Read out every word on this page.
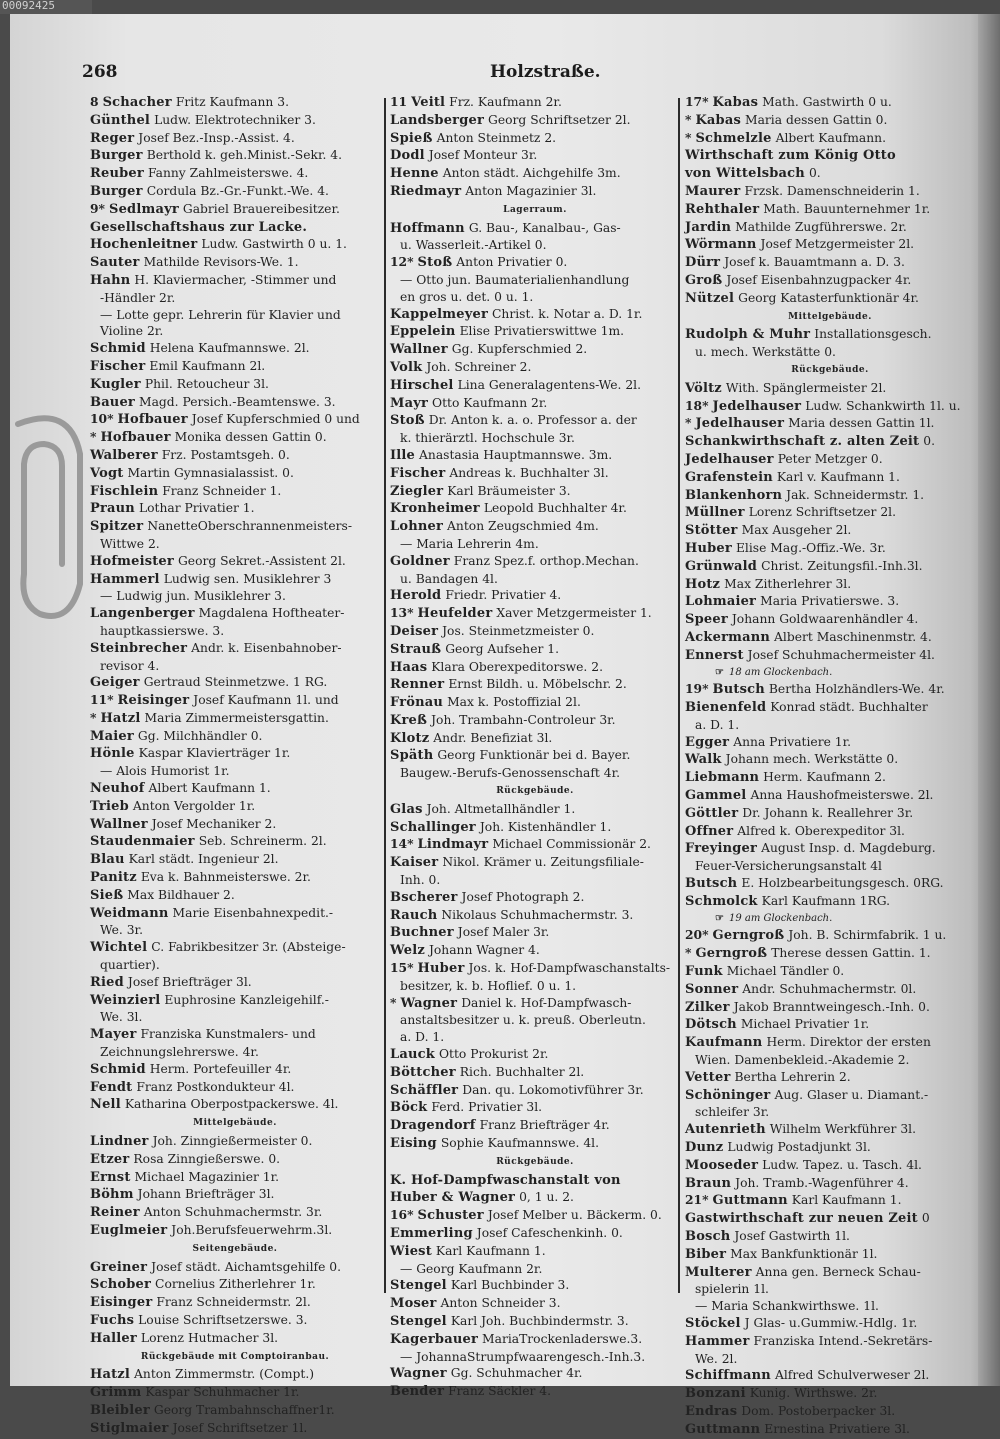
00092425
268	Holzstraße.
8 Schacher Fritz Kaufmann 3.
Günthel Ludw. Elektrotechniker 3.
Reger Josef Bez.-Insp.-Assist. 4.
Burger Berthold k. geh.Minist.-Sekr. 4.
Reuber Fanny Zahlmeisterswe. 4.
Burger Cordula Bz.-Gr.-Funkt.-We. 4.
9* Sedlmayr Gabriel Brauereibesitzer.
Gesellschaftshaus zur Lacke.
Hochenleitner Ludw. Gastwirth 0 u. 1.
Sauter Mathilde Revisors-We. 1.
Hahn H. Klaviermacher, -Stimmer und
-Händler 2r.
— Lotte gepr. Lehrerin für Klavier und
Violine 2r.
Schmid Helena Kaufmannswe. 2l.
Fischer Emil Kaufmann 2l.
Kugler Phil. Retoucheur 3l.
Bauer Magd. Persich.-Beamtenswe. 3.
10* Hofbauer Josef Kupferschmied 0 und
* Hofbauer Monika dessen Gattin 0.
Walberer Frz. Postamtsgeh. 0.
Vogt Martin Gymnasialassist. 0.
Fischlein Franz Schneider 1.
Praun Lothar Privatier 1.
Spitzer NanetteOberschrannenmeisters-
Wittwe 2.
Hofmeister Georg Sekret.-Assistent 2l.
Hammerl Ludwig sen. Musiklehrer 3
— Ludwig jun. Musiklehrer 3.
Langenberger Magdalena Hoftheater-
hauptkassierswe. 3.
Steinbrecher Andr. k. Eisenbahnober-
revisor 4.
Geiger Gertraud Steinmetzwe. 1 RG.
11* Reisinger Josef Kaufmann 1l. und
* Hatzl Maria Zimmermeistersgattin.
Maier Gg. Milchhändler 0.
Hönle Kaspar Klavierträger 1r.
— Alois Humorist 1r.
Neuhof Albert Kaufmann 1.
Trieb Anton Vergolder 1r.
Wallner Josef Mechaniker 2.
Staudenmaier Seb. Schreinerm. 2l.
Blau Karl städt. Ingenieur 2l.
Panitz Eva k. Bahnmeisterswe. 2r.
Sieß Max Bildhauer 2.
Weidmann Marie Eisenbahnexpedit.-
We. 3r.
Wichtel C. Fabrikbesitzer 3r. (Absteige-
quartier).
Ried Josef Briefträger 3l.
Weinzierl Euphrosine Kanzleigehilf.-
We. 3l.
Mayer Franziska Kunstmalers- und
Zeichnungslehrerswe. 4r.
Schmid Herm. Portefeuiller 4r.
Fendt Franz Postkondukteur 4l.
Nell Katharina Oberpostpackerswe. 4l.
Mittelgebäude.
Lindner Joh. Zinngießermeister 0.
Etzer Rosa Zinngießerswe. 0.
Ernst Michael Magazinier 1r.
Böhm Johann Briefträger 3l.
Reiner Anton Schuhmachermstr. 3r.
Euglmeier Joh.Berufsfeuerwehrm.3l.
Seitengebäude.
Greiner Josef städt. Aichamtsgehilfe 0.
Schober Cornelius Zitherlehrer 1r.
Eisinger Franz Schneidermstr. 2l.
Fuchs Louise Schriftsetzerswe. 3.
Haller Lorenz Hutmacher 3l.
Rückgebäude mit Comptoiranbau.
Hatzl Anton Zimmermstr. (Compt.)
Grimm Kaspar Schuhmacher 1r.
Bleibler Georg Trambahnschaffner1r.
Stiglmaier Josef Schriftsetzer 1l.
11 Veitl Frz. Kaufmann 2r.
Landsberger Georg Schriftsetzer 2l.
Spieß Anton Steinmetz 2.
Dodl Josef Monteur 3r.
Henne Anton städt. Aichgehilfe 3m.
Riedmayr Anton Magazinier 3l.
Lagerraum.
Hoffmann G. Bau-, Kanalbau-, Gas-
u. Wasserleit.-Artikel 0.
12* Stoß Anton Privatier 0.
— Otto jun. Baumaterialienhandlung
en gros u. det. 0 u. 1.
Kappelmeyer Christ. k. Notar a. D. 1r.
Eppelein Elise Privatierswittwe 1m.
Wallner Gg. Kupferschmied 2.
Volk Joh. Schreiner 2.
Hirschel Lina Generalagentens-We. 2l.
Mayr Otto Kaufmann 2r.
Stoß Dr. Anton k. a. o. Professor a. der
k. thierärztl. Hochschule 3r.
Ille Anastasia Hauptmannswe. 3m.
Fischer Andreas k. Buchhalter 3l.
Ziegler Karl Bräumeister 3.
Kronheimer Leopold Buchhalter 4r.
Lohner Anton Zeugschmied 4m.
— Maria Lehrerin 4m.
Goldner Franz Spez.f. orthop.Mechan.
u. Bandagen 4l.
Herold Friedr. Privatier 4.
13* Heufelder Xaver Metzgermeister 1.
Deiser Jos. Steinmetzmeister 0.
Strauß Georg Aufseher 1.
Haas Klara Oberexpeditorswe. 2.
Renner Ernst Bildh. u. Möbelschr. 2.
Frönau Max k. Postoffizial 2l.
Kreß Joh. Trambahn-Controleur 3r.
Klotz Andr. Benefiziat 3l.
Späth Georg Funktionär bei d. Bayer.
Baugew.-Berufs-Genossenschaft 4r.
Rückgebäude.
Glas Joh. Altmetallhändler 1.
Schallinger Joh. Kistenhändler 1.
14* Lindmayr Michael Commissionär 2.
Kaiser Nikol. Krämer u. Zeitungsfiliale-
Inh. 0.
Bscherer Josef Photograph 2.
Rauch Nikolaus Schuhmachermstr. 3.
Buchner Josef Maler 3r.
Welz Johann Wagner 4.
15* Huber Jos. k. Hof-Dampfwaschanstalts-
besitzer, k. b. Hoflief. 0 u. 1.
* Wagner Daniel k. Hof-Dampfwasch-
anstaltsbesitzer u. k. preuß. Oberleutn.
a. D. 1.
Lauck Otto Prokurist 2r.
Böttcher Rich. Buchhalter 2l.
Schäffler Dan. qu. Lokomotivführer 3r.
Böck Ferd. Privatier 3l.
Dragendorf Franz Briefträger 4r.
Eising Sophie Kaufmannswe. 4l.
Rückgebäude.
K. Hof-Dampfwaschanstalt von
Huber & Wagner 0, 1 u. 2.
16* Schuster Josef Melber u. Bäckerm. 0.
Emmerling Josef Cafeschenkinh. 0.
Wiest Karl Kaufmann 1.
— Georg Kaufmann 2r.
Stengel Karl Buchbinder 3.
Moser Anton Schneider 3.
Stengel Karl Joh. Buchbindermstr. 3.
Kagerbauer MariaTrockenladerswe.3.
— JohannaStrumpfwaarengesch.-Inh.3.
Wagner Gg. Schuhmacher 4r.
Bender Franz Säckler 4.
17* Kabas Math. Gastwirth 0 u.
* Kabas Maria dessen Gattin 0.
* Schmelzle Albert Kaufmann.
Wirthschaft zum König Otto
von Wittelsbach 0.
Maurer Frzsk. Damenschneiderin 1.
Rehthaler Math. Bauunternehmer 1r.
Jardin Mathilde Zugführerswe. 2r.
Wörmann Josef Metzgermeister 2l.
Dürr Josef k. Bauamtmann a. D. 3.
Groß Josef Eisenbahnzugpacker 4r.
Nützel Georg Katasterfunktionär 4r.
Mittelgebäude.
Rudolph & Muhr Installationsgesch.
u. mech. Werkstätte 0.
Rückgebäude.
Völtz With. Spänglermeister 2l.
18* Jedelhauser Ludw. Schankwirth 1l. u.
* Jedelhauser Maria dessen Gattin 1l.
Schankwirthschaft z. alten Zeit 0.
Jedelhauser Peter Metzger 0.
Grafenstein Karl v. Kaufmann 1.
Blankenhorn Jak. Schneidermstr. 1.
Müllner Lorenz Schriftsetzer 2l.
Stötter Max Ausgeher 2l.
Huber Elise Mag.-Offiz.-We. 3r.
Grünwald Christ. Zeitungsfil.-Inh.3l.
Hotz Max Zitherlehrer 3l.
Lohmaier Maria Privatierswe. 3.
Speer Johann Goldwaarenhändler 4.
Ackermann Albert Maschinenmstr. 4.
Ennerst Josef Schuhmachermeister 4l.
☞ 18 am Glockenbach.
19* Butsch Bertha Holzhändlers-We. 4r.
Bienenfeld Konrad städt. Buchhalter
a. D. 1.
Egger Anna Privatiere 1r.
Walk Johann mech. Werkstätte 0.
Liebmann Herm. Kaufmann 2.
Gammel Anna Haushofmeisterswe. 2l.
Göttler Dr. Johann k. Reallehrer 3r.
Offner Alfred k. Oberexpeditor 3l.
Freyinger August Insp. d. Magdeburg.
Feuer-Versicherungsanstalt 4l
Butsch E. Holzbearbeitungsgesch. 0RG.
Schmolck Karl Kaufmann 1RG.
☞ 19 am Glockenbach.
20* Gerngroß Joh. B. Schirmfabrik. 1 u.
* Gerngroß Therese dessen Gattin. 1.
Funk Michael Tändler 0.
Sonner Andr. Schuhmachermstr. 0l.
Zilker Jakob Branntweingesch.-Inh. 0.
Dötsch Michael Privatier 1r.
Kaufmann Herm. Direktor der ersten
Wien. Damenbekleid.-Akademie 2.
Vetter Bertha Lehrerin 2.
Schöninger Aug. Glaser u. Diamant.-
schleifer 3r.
Autenrieth Wilhelm Werkführer 3l.
Dunz Ludwig Postadjunkt 3l.
Mooseder Ludw. Tapez. u. Tasch. 4l.
Braun Joh. Tramb.-Wagenführer 4.
21* Guttmann Karl Kaufmann 1.
Gastwirthschaft zur neuen Zeit 0
Bosch Josef Gastwirth 1l.
Biber Max Bankfunktionär 1l.
Multerer Anna gen. Berneck Schau-
spielerin 1l.
— Maria Schankwirthswe. 1l.
Stöckel J Glas- u.Gummiw.-Hdlg. 1r.
Hammer Franziska Intend.-Sekretärs-
We. 2l.
Schiffmann Alfred Schulverweser 2l.
Bonzani Kunig. Wirthswe. 2r.
Endras Dom. Postoberpacker 3l.
Guttmann Ernestina Privatiere 3l.
